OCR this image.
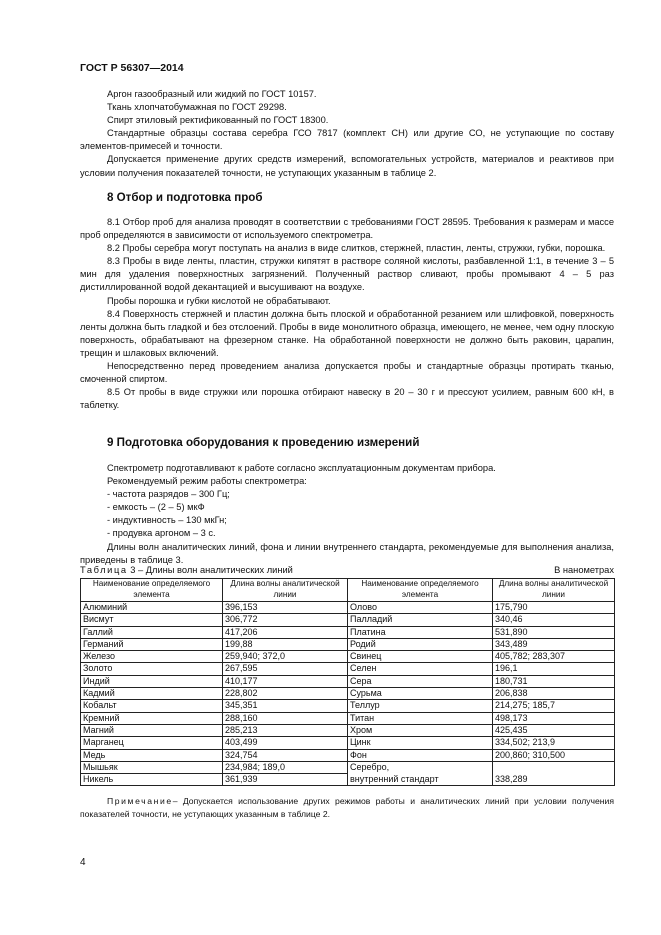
ГОСТ Р 56307—2014

Аргон газообразный или жидкий по ГОСТ 10157.

Ткань хлопчатобумажная по ГОСТ 29298.

Спирт этиловый ректификованный по ГОСТ 18300.

Стандартные образцы состава серебра ГСО 7817 (комплект СН) или другие СО, не уступающие по составу элементов-примесей и точности.

Допускается применение других средств измерений, вспомогательных устройств, материалов и реактивов при условии получения показателей точности, не уступающих указанным в таблице 2.

8 Отбор и подготовка проб

8.1 Отбор проб для анализа проводят в соответствии с требованиями ГОСТ 28595. Требования к размерам и массе проб определяются в зависимости от используемого спектрометра.

8.2 Пробы серебра могут поступать на анализ в виде слитков, стержней, пластин, ленты, стружки, губки, порошка.

8.3 Пробы в виде ленты, пластин, стружки кипятят в растворе соляной кислоты, разбавленной 1:1, в течение 3 – 5 мин для удаления поверхностных загрязнений. Полученный раствор сливают, пробы промывают 4 – 5 раз дистиллированной водой декантацией и высушивают на воздухе.

Пробы порошка и губки кислотой не обрабатывают.

8.4 Поверхность стержней и пластин должна быть плоской и обработанной резанием или шлифовкой, поверхность ленты должна быть гладкой и без отслоений. Пробы в виде монолитного образца, имеющего, не менее, чем одну плоскую поверхность, обрабатывают на фрезерном станке. На обработанной поверхности не должно быть раковин, царапин, трещин и шлаковых включений.

Непосредственно перед проведением анализа допускается пробы и стандартные образцы протирать тканью, смоченной спиртом.

8.5 От пробы в виде стружки или порошка отбирают навеску в 20 – 30 г и прессуют усилием, равным 600 кН, в таблетку.

9 Подготовка оборудования к проведению измерений

Спектрометр подготавливают к работе согласно эксплуатационным документам прибора.

Рекомендуемый режим работы спектрометра:

- частота разрядов – 300 Гц;

- емкость – (2 – 5) мкФ

- индуктивность – 130 мкГн;

- продувка аргоном – 3 с.

Длины волн аналитических линий, фона и линии внутреннего стандарта, рекомендуемые для выполнения анализа, приведены в таблице 3.

Таблица 3 – Длины волн аналитических линий	В нанометрах
Наименование определяемого элемента	Длина волны аналитической линии	Наименование определяемого элемента	Длина волны аналитической линии
Алюминий	396,153	Олово	175,790
Висмут	306,772	Палладий	340,46
Галлий	417,206	Платина	531,890
Германий	199,88	Родий	343,489
Железо	259,940; 372,0	Свинец	405,782; 283,307
Золото	267,595	Селен	196,1
Индий	410,177	Сера	180,731
Кадмий	228,802	Сурьма	206,838
Кобальт	345,351	Теллур	214,275; 185,7
Кремний	288,160	Титан	498,173
Магний	285,213	Хром	425,435
Марганец	403,499	Цинк	334,502; 213,9
Медь	324,754	Фон	200,860; 310,500
Мышьяк	234,984; 189,0	Серебро,	
Никель	361,939	внутренний стандарт	338,289
Примечание– Допускается использование других режимов работы и аналитических линий при условии получения показателей точности, не уступающих указанным в таблице 2.
4
